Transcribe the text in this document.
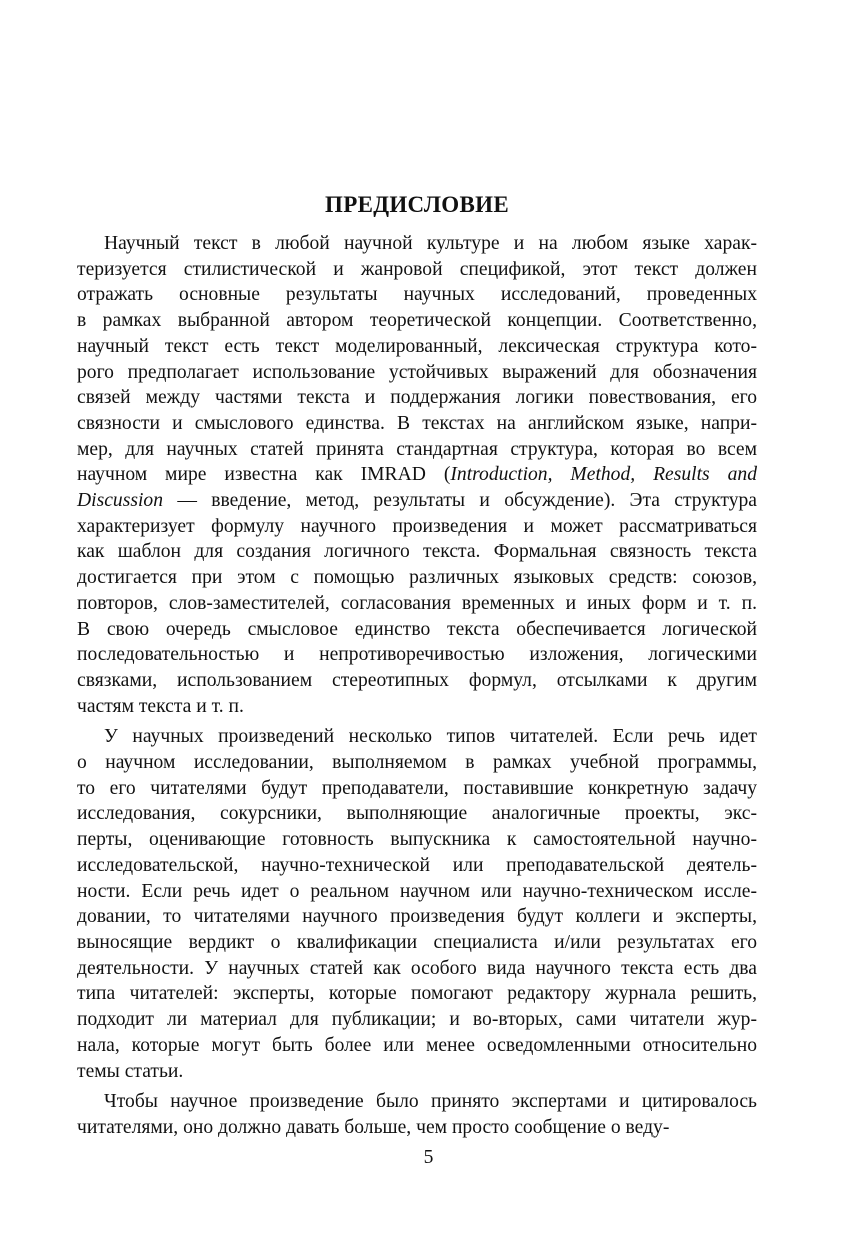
ПРЕДИСЛОВИЕ
Научный текст в любой научной культуре и на любом языке харак-
теризуется стилистической и жанровой спецификой, этот текст должен
отражать основные результаты научных исследований, проведенных
в рамках выбранной автором теоретической концепции. Соответственно,
научный текст есть текст моделированный, лексическая структура кото-
рого предполагает использование устойчивых выражений для обозначения
связей между частями текста и поддержания логики повествования, его
связности и смыслового единства. В текстах на английском языке, напри-
мер, для научных статей принята стандартная структура, которая во всем
научном мире известна как IMRAD (Introduction, Method, Results and
Discussion — введение, метод, результаты и обсуждение). Эта структура
характеризует формулу научного произведения и может рассматриваться
как шаблон для создания логичного текста. Формальная связность текста
достигается при этом с помощью различных языковых средств: союзов,
повторов, слов-заместителей, согласования временных и иных форм и т. п.
В свою очередь смысловое единство текста обеспечивается логической
последовательностью и непротиворечивостью изложения, логическими
связками, использованием стереотипных формул, отсылками к другим
частям текста и т. п.
У научных произведений несколько типов читателей. Если речь идет
о научном исследовании, выполняемом в рамках учебной программы,
то его читателями будут преподаватели, поставившие конкретную задачу
исследования, сокурсники, выполняющие аналогичные проекты, экс-
перты, оценивающие готовность выпускника к самостоятельной научно-
исследовательской, научно-технической или преподавательской деятель-
ности. Если речь идет о реальном научном или научно-техническом иссле-
довании, то читателями научного произведения будут коллеги и эксперты,
выносящие вердикт о квалификации специалиста и/или результатах его
деятельности. У научных статей как особого вида научного текста есть два
типа читателей: эксперты, которые помогают редактору журнала решить,
подходит ли материал для публикации; и во-вторых, сами читатели жур-
нала, которые могут быть более или менее осведомленными относительно
темы статьи.
Чтобы научное произведение было принято экспертами и цитировалось
читателями, оно должно давать больше, чем просто сообщение о веду-
5
